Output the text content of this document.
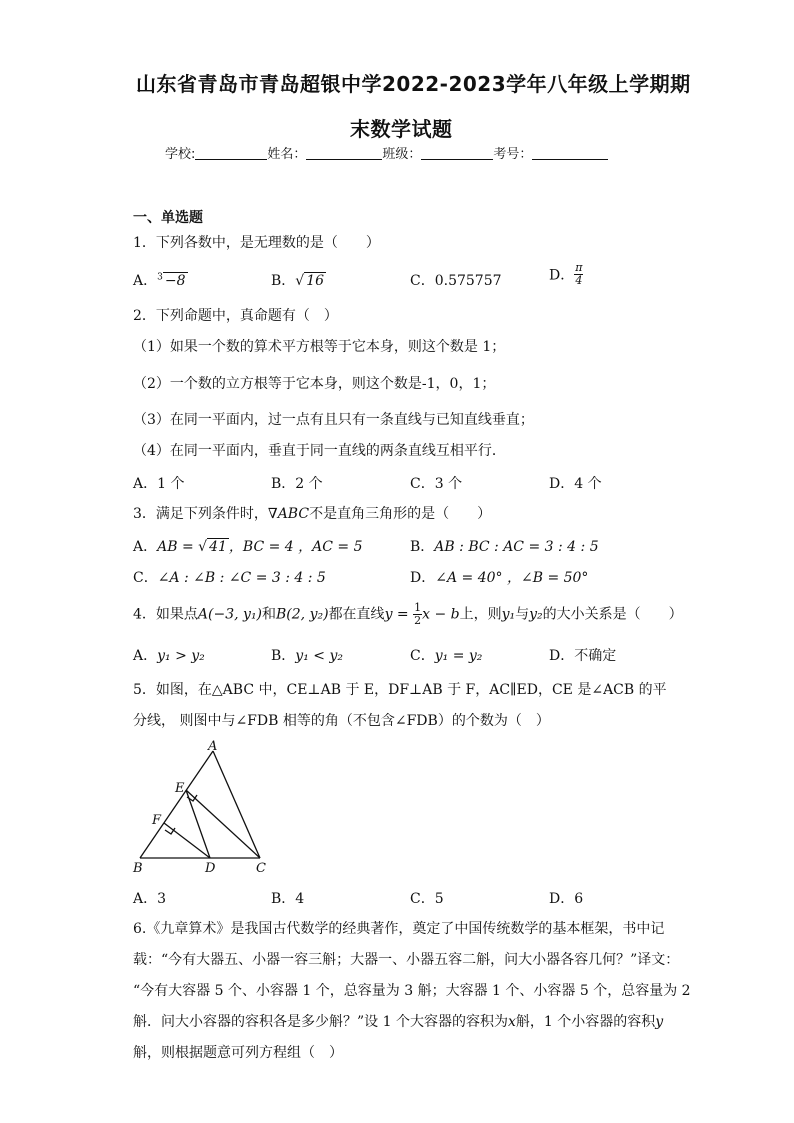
山东省青岛市青岛超银中学2022-2023学年八年级上学期期
末数学试题
学校:	姓名：	班级：	考号：
一、单选题
1．下列各数中，是无理数的是（　　）
A．$^3$ −8	B．√ 16	C．0.575757	D． $\frac{\pi}{4}$
2．下列命题中，真命题有（　）
（1）如果一个数的算术平方根等于它本身，则这个数是 1；
（2）一个数的立方根等于它本身，则这个数是-1，0，1；
（3）在同一平面内，过一点有且只有一条直线与已知直线垂直；
（4）在同一平面内，垂直于同一直线的两条直线互相平行．
A．1 个	B．2 个	C．3 个	D．4 个
3．满足下列条件时，∇ABC不是直角三角形的是（　　）
A．AB = √ 41 ，BC = 4 ，AC = 5	B．AB : BC : AC = 3 : 4 : 5
C．∠A : ∠B : ∠C = 3 : 4 : 5	D．∠A = 40° ，∠B = 50°
4．如果点A(−3, y₁)和B(2, y₂)都在直线$y = \frac{1}{2}$ x − b上，则y₁与y₂的大小关系是（　　）
A．y₁ > y₂	B．y₁ < y₂	C．y₁ = y₂	D．不确定
5．如图，在△ABC 中，CE⊥AB 于 E，DF⊥AB 于 F，AC∥ED，CE 是∠ACB 的平
分线， 则图中与∠FDB 相等的角（不包含∠FDB）的个数为（　）
A
E
F
B	D	C
A．3	B．4	C．5	D．6
6.《九章算术》是我国古代数学的经典著作，奠定了中国传统数学的基本框架，书中记
载：“今有大器五、小器一容三斛；大器一、小器五容二斛，问大小器各容几何？”译文：
“今有大容器 5 个、小容器 1 个，总容量为 3 斛；大容器 1 个、小容器 5 个，总容量为 2
斛．问大小容器的容积各是多少斛？”设 1 个大容器的容积为x斛，1 个小容器的容积y
斛，则根据题意可列方程组（　）
